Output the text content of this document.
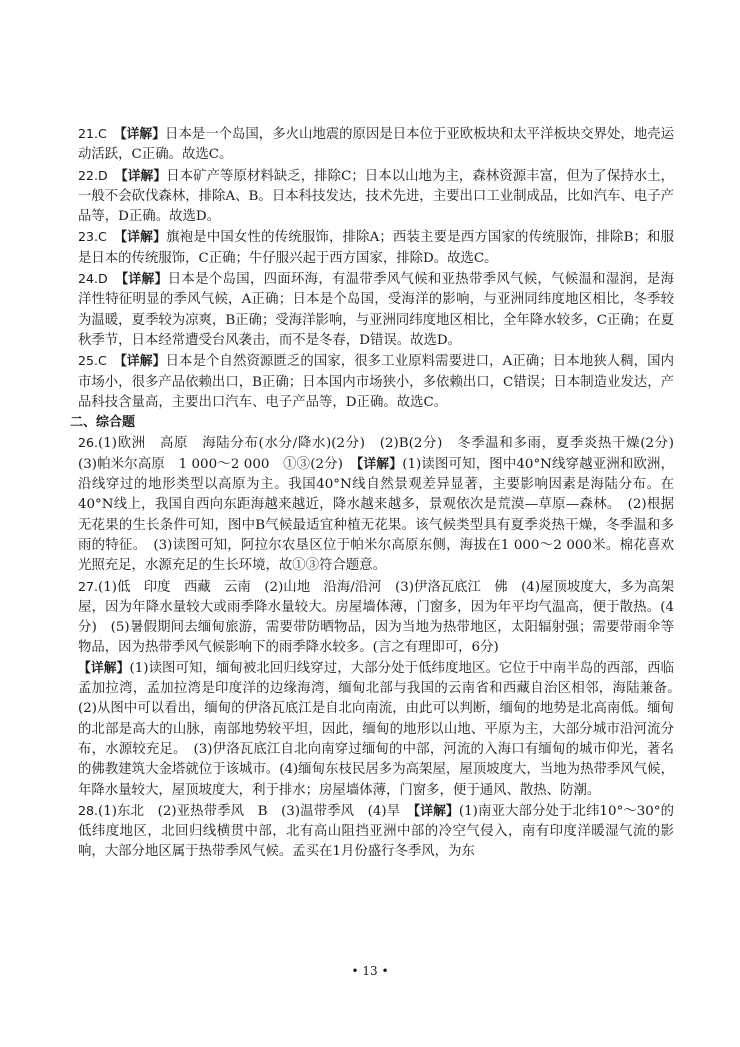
21.C　 【详解】日本是一个岛国，多火山地震的原因是日本位于亚欧板块和太平洋板块交界处，地壳运动活跃，C正确。故选C。

22.D　 【详解】日本矿产等原材料缺乏，排除C；日本以山地为主，森林资源丰富，但为了保持水土，一般不会砍伐森林，排除A、B。日本科技发达，技术先进，主要出口工业制成品，比如汽车、电子产品等，D正确。故选D。

23.C　 【详解】旗袍是中国女性的传统服饰，排除A；西装主要是西方国家的传统服饰，排除B；和服是日本的传统服饰，C正确；牛仔服兴起于西方国家，排除D。故选C。

24.D　 【详解】日本是个岛国，四面环海，有温带季风气候和亚热带季风气候，气候温和湿润，是海洋性特征明显的季风气候，A正确；日本是个岛国，受海洋的影响，与亚洲同纬度地区相比，冬季较为温暖，夏季较为凉爽，B正确；受海洋影响，与亚洲同纬度地区相比，全年降水较多，C正确；在夏秋季节，日本经常遭受台风袭击，而不是冬春，D错误。故选D。

25.C　 【详解】日本是个自然资源匮乏的国家，很多工业原料需要进口，A正确；日本地狭人稠，国内市场小，很多产品依赖出口，B正确；日本国内市场狭小，多依赖出口，C错误；日本制造业发达，产品科技含量高，主要出口汽车、电子产品等，D正确。故选C。

二、综合题

26.(1)欧洲　高原　海陆分布(水分/降水)(2分)　(2)B(2分)　冬季温和多雨，夏季炎热干燥(2分)　(3)帕米尔高原　1 000～2 000　①③(2分)　 【详解】(1)读图可知，图中40°N线穿越亚洲和欧洲，沿线穿过的地形类型以高原为主。我国40°N线自然景观差异显著，主要影响因素是海陆分布。在40°N线上，我国自西向东距海越来越近，降水越来越多，景观依次是荒漠—草原—森林。　(2)根据无花果的生长条件可知，图中B气候最适宜种植无花果。该气候类型具有夏季炎热干燥，冬季温和多雨的特征。　(3)读图可知，阿拉尔农垦区位于帕米尔高原东侧，海拔在1 000～2 000米。棉花喜欢光照充足，水源充足的生长环境，故①③符合题意。

27.(1)低　印度　西藏　云南　(2)山地　沿海/沿河　(3)伊洛瓦底江　佛　(4)屋顶坡度大，多为高架屋，因为年降水量较大或雨季降水量较大。房屋墙体薄，门窗多，因为年平均气温高，便于散热。(4分)　(5)暑假期间去缅甸旅游，需要带防晒物品，因为当地为热带地区，太阳辐射强；需要带雨伞等物品，因为热带季风气候影响下的雨季降水较多。(言之有理即可，6分)

【详解】(1)读图可知，缅甸被北回归线穿过，大部分处于低纬度地区。它位于中南半岛的西部，西临孟加拉湾，孟加拉湾是印度洋的边缘海湾，缅甸北部与我国的云南省和西藏自治区相邻，海陆兼备。　(2)从图中可以看出，缅甸的伊洛瓦底江是自北向南流，由此可以判断，缅甸的地势是北高南低。缅甸的北部是高大的山脉，南部地势较平坦，因此，缅甸的地形以山地、平原为主，大部分城市沿河流分布，水源较充足。　(3)伊洛瓦底江自北向南穿过缅甸的中部，河流的入海口有缅甸的城市仰光，著名的佛教建筑大金塔就位于该城市。(4)缅甸东枝民居多为高架屋，屋顶坡度大，当地为热带季风气候，年降水量较大，屋顶坡度大，利于排水；房屋墙体薄，门窗多，便于通风、散热、防潮。

28.(1)东北　(2)亚热带季风　B　(3)温带季风　(4)旱　 【详解】(1)南亚大部分处于北纬10°～30°的低纬度地区，北回归线横贯中部，北有高山阻挡亚洲中部的冷空气侵入，南有印度洋暖湿气流的影响，大部分地区属于热带季风气候。孟买在1月份盛行冬季风，为东

• 13 •
